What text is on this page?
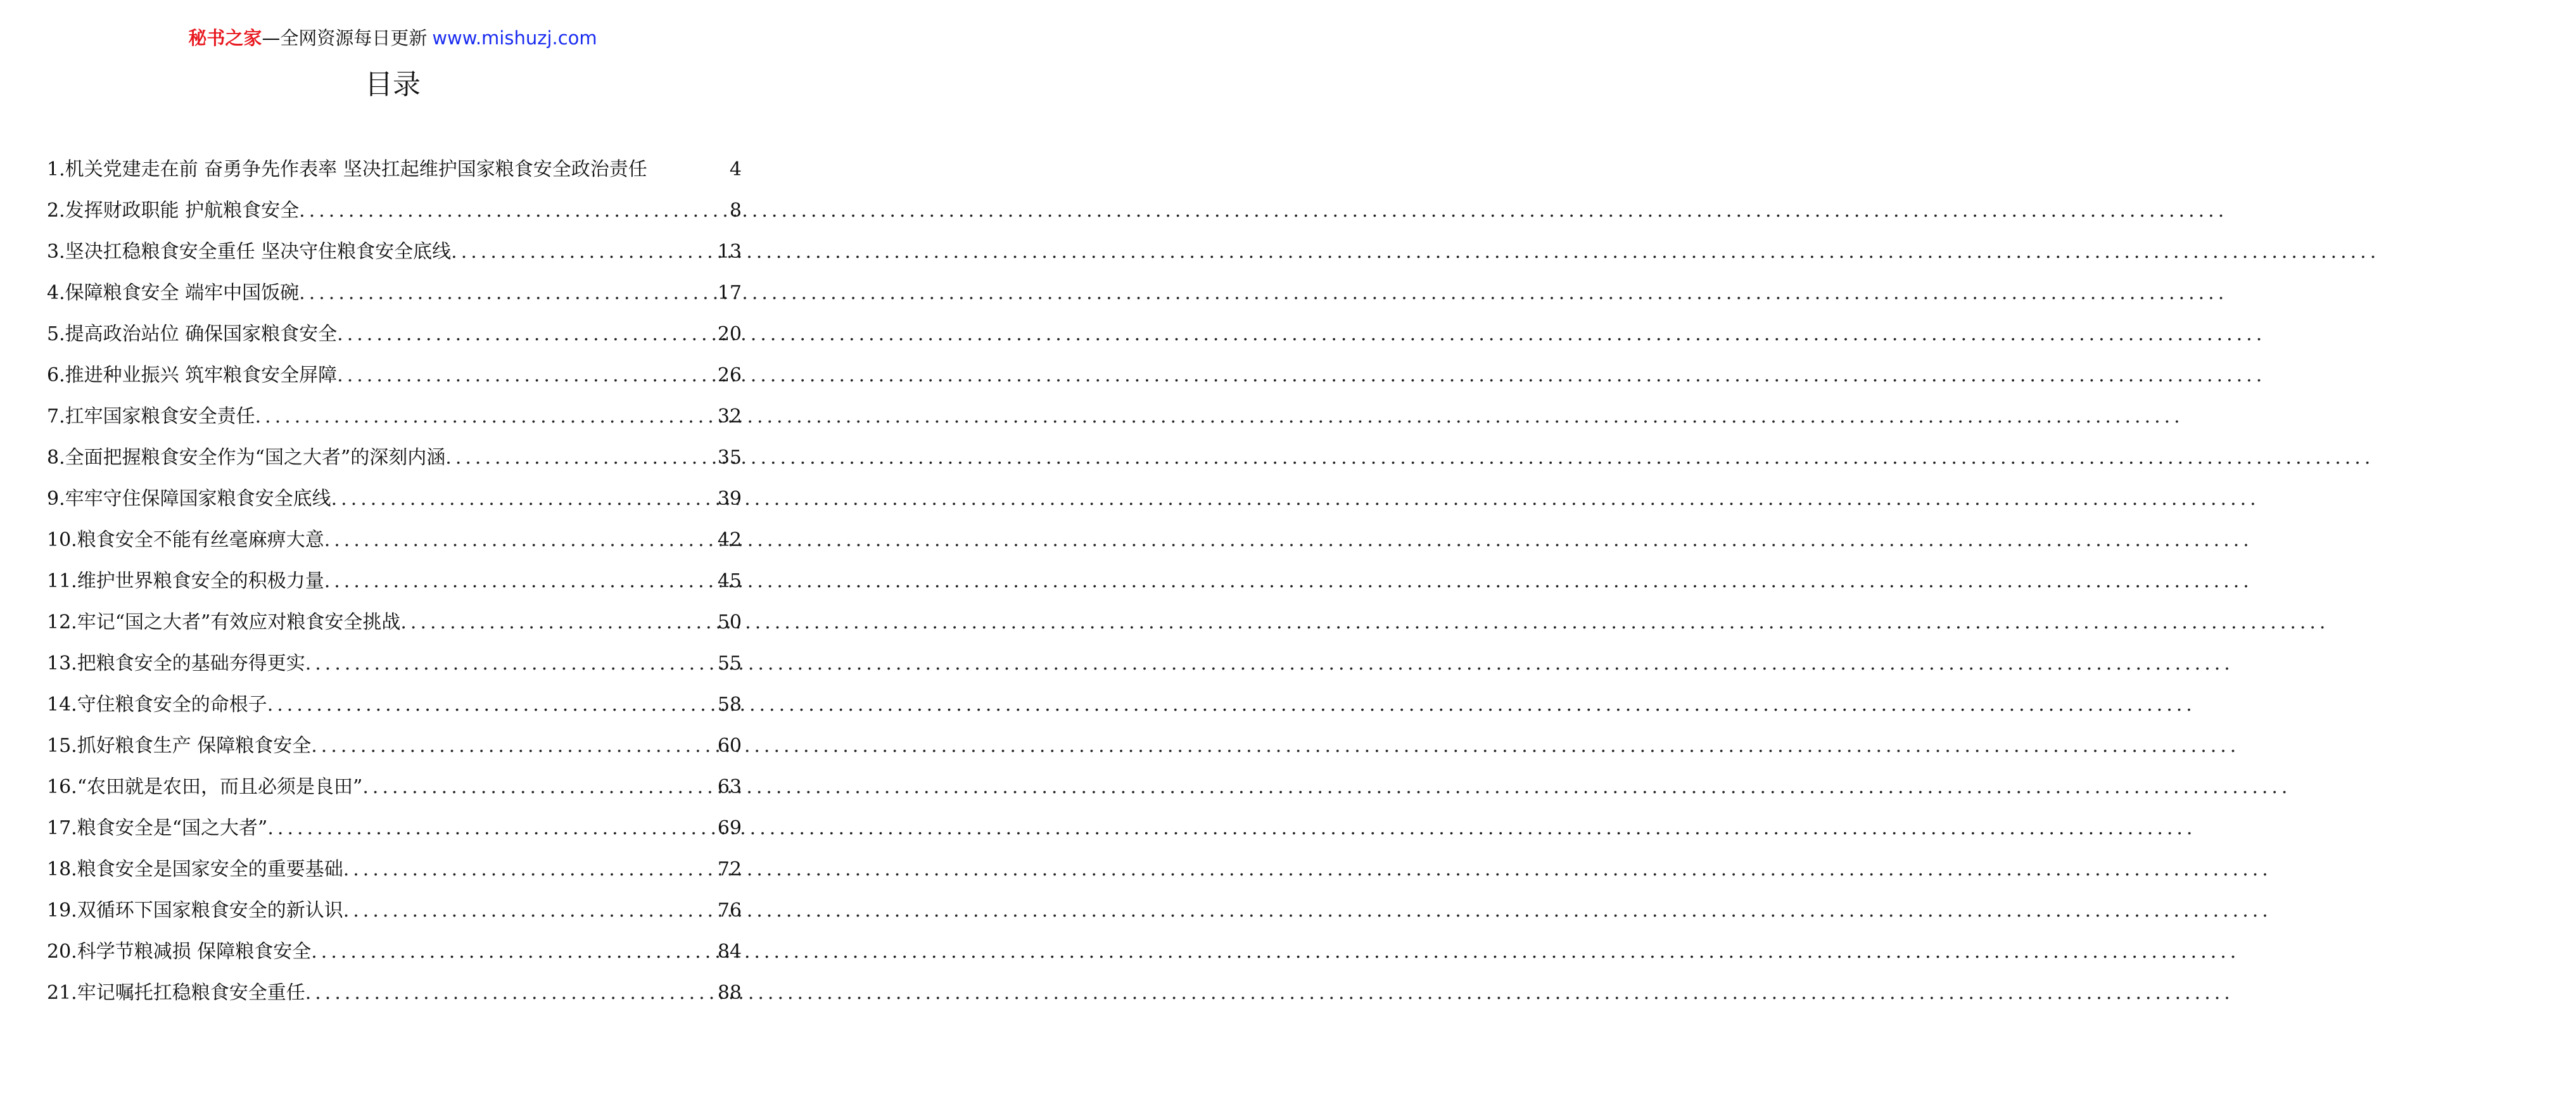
秘书之家—全网资源每日更新 www.mishuzj.com
目录
1.机关党建走在前 奋勇争先作表率 坚决扛起维护国家粮食安全政治责任	4
2.发挥财政职能 护航粮食安全 .....	8
3.坚决扛稳粮食安全重任 坚决守住粮食安全底线 .....	13
4.保障粮食安全 端牢中国饭碗 .....	17
5.提高政治站位 确保国家粮食安全 .....	20
6.推进种业振兴 筑牢粮食安全屏障 .....	26
7.扛牢国家粮食安全责任 .....	32
8.全面把握粮食安全作为“国之大者”的深刻内涵 .....	35
9.牢牢守住保障国家粮食安全底线 .....	39
10.粮食安全不能有丝毫麻痹大意 .....	42
11.维护世界粮食安全的积极力量 .....	45
12.牢记“国之大者”有效应对粮食安全挑战 .....	50
13.把粮食安全的基础夯得更实 .....	55
14.守住粮食安全的命根子 .....	58
15.抓好粮食生产 保障粮食安全 .....	60
16.“农田就是农田，而且必须是良田” .....	63
17.粮食安全是“国之大者” .....	69
18.粮食安全是国家安全的重要基础 .....	72
19.双循环下国家粮食安全的新认识 .....	76
20.科学节粮减损 保障粮食安全 .....	84
21.牢记嘱托扛稳粮食安全重任 .....	88
